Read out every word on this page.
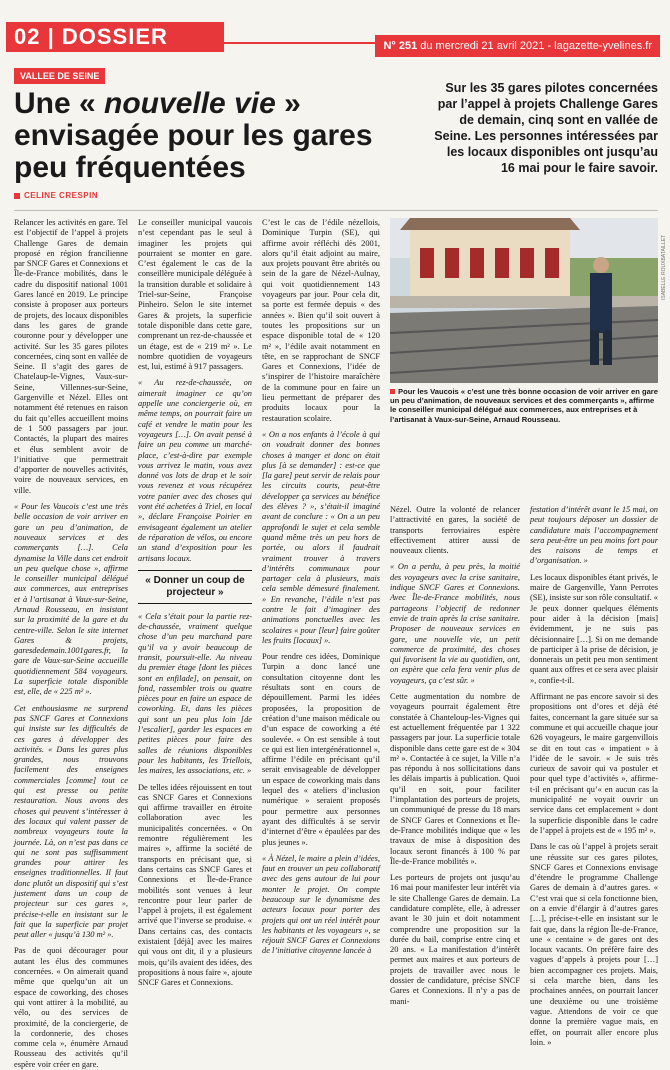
02 | DOSSIER	N° 251 du mercredi 21 avril 2021 - lagazette-yvelines.fr
VALLEE DE SEINE
Une « nouvelle vie » envisagée pour les gares peu fréquentées

Sur les 35 gares pilotes concernées par l’appel à projets Challenge Gares de demain, cinq sont en vallée de Seine. Les personnes intéressées par les locaux disponibles ont jusqu’au 16 mai pour le faire savoir.

CELINE CRESPIN

Relancer les activités en gare. Tel est l’objectif de l’appel à projets Challenge Gares de demain proposé en région francilienne par SNCF Gares et Connexions et Île-de-France mobilités, dans le cadre du dispositif national 1001 Gares lancé en 2019. Le principe consiste à proposer aux porteurs de projets, des locaux disponibles dans les gares de grande couronne pour y développer une activité. Sur les 35 gares pilotes concernées, cinq sont en vallée de Seine. Il s’agit des gares de Chatelaup-le-Vignes, Vaux-sur-Seine, Villennes-sur-Seine, Gargenville et Nézel. Elles ont notamment été retenues en raison du fait qu’elles accueillent moins de 1 500 passagers par jour. Contactés, la plupart des maires et élus semblent avoir de l’initiative que permettrait d’apporter de nouvelles activités, voire de nouveaux services, en ville.

« Pour les Vaucois c’est une très belle occasion de voir arriver en gare un peu d’animation, de nouveaux services et des commerçants […]. Cela dynamise la Ville dans cet endroit un peu quelque chose », affirme le conseiller municipal délégué aux commerces, aux entreprises et à l’artisanat à Vaux-sur-Seine, Arnaud Rousseau, en insistant sur la proximité de la gare et du centre-ville. Selon le site internet Gares & projets, garesdedemain.1001gares.fr, la gare de Vaux-sur-Seine accueille quotidiennement 584 voyageurs. La superficie totale disponible est, elle, de « 225 m² ».

Cet enthousiasme ne surprend pas SNCF Gares et Connexions qui insiste sur les difficultés de ces gares à développer des activités. « Dans les gares plus grandes, nous trouvons facilement des enseignes commerciales [comme] tout ce qui est presse ou petite restauration. Nous avons des choses qui peuvent s’intéresser à des locaux qui valent passer de nombreux voyageurs toute la journée. Là, on n’est pas dans ce qui ne sont pas suffisamment grandes pour attirer les enseignes traditionnelles. Il faut donc plutôt un dispositif qui s’est justement dans un coup de projecteur sur ces gares », précise-t-elle en insistant sur le fait que la superficie par projet peut aller « jusqu’à 130 m² ».

Pas de quoi décourager pour autant les élus des communes concernées. « On aimerait quand même que quelqu’un ait un espace de coworking, des choses qui vont attirer à la mobilité, au vélo, ou des services de proximité, de la conciergerie, de la cordonnerie, des choses comme cela », énumère Arnaud Rousseau des activités qu’il espère voir créer en gare.

Le conseiller municipal vaucois n’est cependant pas le seul à imaginer les projets qui pourraient se monter en gare. C’est également le cas de la conseillère municipale déléguée à la transition durable et solidaire à Triel-sur-Seine, Françoise Pinheiro. Selon le site internet Gares & projets, la superficie totale disponible dans cette gare, comprenant un rez-de-chaussée et un étage, est de « 219 m² ». Le nombre quotidien de voyageurs est, lui, estimé à 917 passagers.

« Au rez-de-chaussée, on aimerait imaginer ce qu’on appelle une conciergerie où, en même temps, on pourrait faire un café et vendre le matin pour les voyageurs […]. On avait pensé à faire un peu comme un marché-place, c’est-à-dire par exemple vous arrivez le matin, vous avez donné vos lots de drap et le soir vous revenez et vous récupérez votre panier avec des choses qui vont été achetées à Triel, en local », déclare Françoise Poirier en envisageant également un atelier de réparation de vélos, ou encore un stand d’exposition pour les artisans locaux.

« Donner un coup de projecteur »

« Cela s’était pour la partie rez-de-chaussée, vraiment quelque chose d’un peu marchand pare qu’il va y avoir beaucoup de transit, poursuit-elle. Au niveau du premier étage [dont les pièces sont en enfilade], on pensait, on fond, rassembler trois ou quatre pièces pour en faire un espace de coworking. Et, dans les pièces qui sont un peu plus loin [de l’escalier], garder les espaces en petites pièces pour faire des salles de réunions disponibles pour les habitants, les Triellois, les maires, les associations, etc. »

De telles idées réjouissent en tout cas SNCF Gares et Connexions qui affirme travailler en étroite collaboration avec les municipalités concernées. « On remontre régulièrement les maires », affirme la société de transports en précisant que, si dans certains cas SNCF Gares et Connexions et Île-de-France mobilités sont venues à leur rencontre pour leur parler de l’appel à projets, il est également arrivé que l’inverse se produise. « Dans certains cas, des contacts existaient [déjà] avec les maires qui vous ont dit, il y a plusieurs mois, qu’ils avaient des idées, des propositions à nous faire », ajoute SNCF Gares et Connexions.

C’est le cas de l’édile nézellois, Dominique Turpin (SE), qui affirme avoir réfléchi dès 2001, alors qu’il était adjoint au maire, aux projets pouvant être abrités ou sein de la gare de Nézel-Aulnay, qui voit quotidiennement 143 voyageurs par jour. Pour cela dit, sa porte est fermée depuis « des années ». Bien qu’il soit ouvert à toutes les propositions sur un espace disponible total de « 120 m² », l’édile avait notamment en tête, en se rapprochant de SNCF Gares et Connexions, l’idée de s’inspirer de l’histoire maraîchère de la commune pour en faire un lieu permettant de préparer des produits locaux pour la restauration scolaire.

« On a nos enfants à l’école à qui on voudrait donner des bonnes choses à manger et donc on était plus [à se demander] : est-ce que [la gare] peut servir de relais pour les circuits courts, peut-être développer ça services au bénéfice des élèves ? », s’était-il imaginé avant de conclure : « On a un peu approfondi le sujet et cela semble quand même très un peu hors de portée, ou alors il faudrait vraiment trouver à travers d’intérêts communaux pour partager cela à plusieurs, mais cela semble démesuré finalement. » En revanche, l’édile n’est pas contre le fait d’imaginer des animations ponctuelles avec les scolaires « pour [leur] faire goûter les fruits [locaux] ».

Pour rendre ces idées, Dominique Turpin a donc lancé une consultation citoyenne dont les résultats sont en cours de dépouillement. Parmi les idées proposées, la proposition de création d’une maison médicale ou d’un espace de coworking a été soulevée. « On est sensible à tout ce qui est lien intergénérationnel », affirme l’édile en précisant qu’il serait envisageable de développer un espace de coworking mais dans lequel des « ateliers d’inclusion numérique » seraient proposés pour permettre aux personnes ayant des difficultés à se servir d’internet d’être « épaulées par des plus jeunes ».

« À Nézel, le maire a plein d’idées, faut en trouver un peu collaboratif avec des gens autour de lui pour monter le projet. On compte beaucoup sur le dynamisme des acteurs locaux pour porter des projets qui ont un réel intérêt pour les habitants et les voyageurs », se réjouit SNCF Gares et Connexions de l’initiative citoyenne lancée à

ISABELLE ROUXBATAILLET

Pour les Vaucois « c’est une très bonne occasion de voir arriver en gare un peu d’animation, de nouveaux services et des commerçants », affirme le conseiller municipal délégué aux commerces, aux entreprises et à l’artisanat à Vaux-sur-Seine, Arnaud Rousseau.

Nézel. Outre la volonté de relancer l’attractivité en gares, la société de transports ferroviaires espère effectivement attirer aussi de nouveaux clients.

« On a perdu, à peu près, la moitié des voyageurs avec la crise sanitaire, indique SNCF Gares et Connexions. Avec Île-de-France mobilités, nous partageons l’objectif de redonner envie de train après la crise sanitaire. Proposer de nouveaux services en gare, une nouvelle vie, un petit commerce de proximité, des choses qui favorisent la vie au quotidien, ont, on espère que cela fera venir plus de voyageurs, ça c’est sûr. »

Cette augmentation du nombre de voyageurs pourrait également être constatée à Chanteloup-les-Vignes qui est actuellement fréquentée par 1 322 passagers par jour. La superficie totale disponible dans cette gare est de « 304 m² ». Contactée à ce sujet, la Ville n’a pas répondu à nos sollicitations dans les délais impartis à publication. Quoi qu’il en soit, pour faciliter l’implantation des porteurs de projets, un communiqué de presse du 18 mars de SNCF Gares et Connexions et Île-de-France mobilités indique que « les travaux de mise à disposition des locaux seront financés à 100 % par Île-de-France mobilités ».

Les porteurs de projets ont jusqu’au 16 mai pour manifester leur intérêt via le site Challenge Gares de demain. La candidature complète, elle, à adresser avant le 30 juin et doit notamment comprendre une proposition sur la durée du bail, comprise entre cinq et 20 ans. « La manifestation d’intérêt permet aux maires et aux porteurs de projets de travailler avec nous le dossier de candidature, précise SNCF Gares et Connexions. Il n’y a pas de mani-

festation d’intérêt avant le 15 mai, on peut toujours déposer un dossier de candidature mais l’accompagnement sera peut-être un peu moins fort pour des raisons de temps et d’organisation. »

Les locaux disponibles étant privés, le maire de Gargenville, Yann Perrotes (SE), insiste sur son rôle consultatif. « Je peux donner quelques éléments pour aider à la décision [mais] évidemment, je ne suis pas décisionnaire […]. Si on me demande de participer à la prise de décision, je donnerais un petit peu mon sentiment quant aux offres et ce sera avec plaisir », confie-t-il.

Affirmant ne pas encore savoir si des propositions ont d’ores et déjà été faites, concernant la gare située sur sa commune et qui accueille chaque jour 626 voyageurs, le maire gargenvillois se dit en tout cas « impatient » à l’idée de le savoir. « Je suis très curieux de savoir qui va postuler et pour quel type d’activités », affirme-t-il en précisant qu’« en aucun cas la municipalité ne voyait ouvrir un service dans cet emplacement » dont la superficie disponible dans le cadre de l’appel à projets est de « 195 m² ».

Dans le cas où l’appel à projets serait une réussite sur ces gares pilotes, SNCF Gares et Connexions envisage d’étendre le programme Challenge Gares de demain à d’autres gares. « C’est vrai que si cela fonctionne bien, on a envie d’élargir à d’autres gares […], précise-t-elle en insistant sur le fait que, dans la région Île-de-France, une « centaine » de gares ont des locaux vacants. On préfère faire des vagues d’appels à projets pour […] bien accompagner ces projets. Mais, si cela marche bien, dans les prochaines années, on pourrait lancer une deuxième ou une troisième vague. Attendons de voir ce que donne la première vague mais, en effet, on pourrait aller encore plus loin. »
